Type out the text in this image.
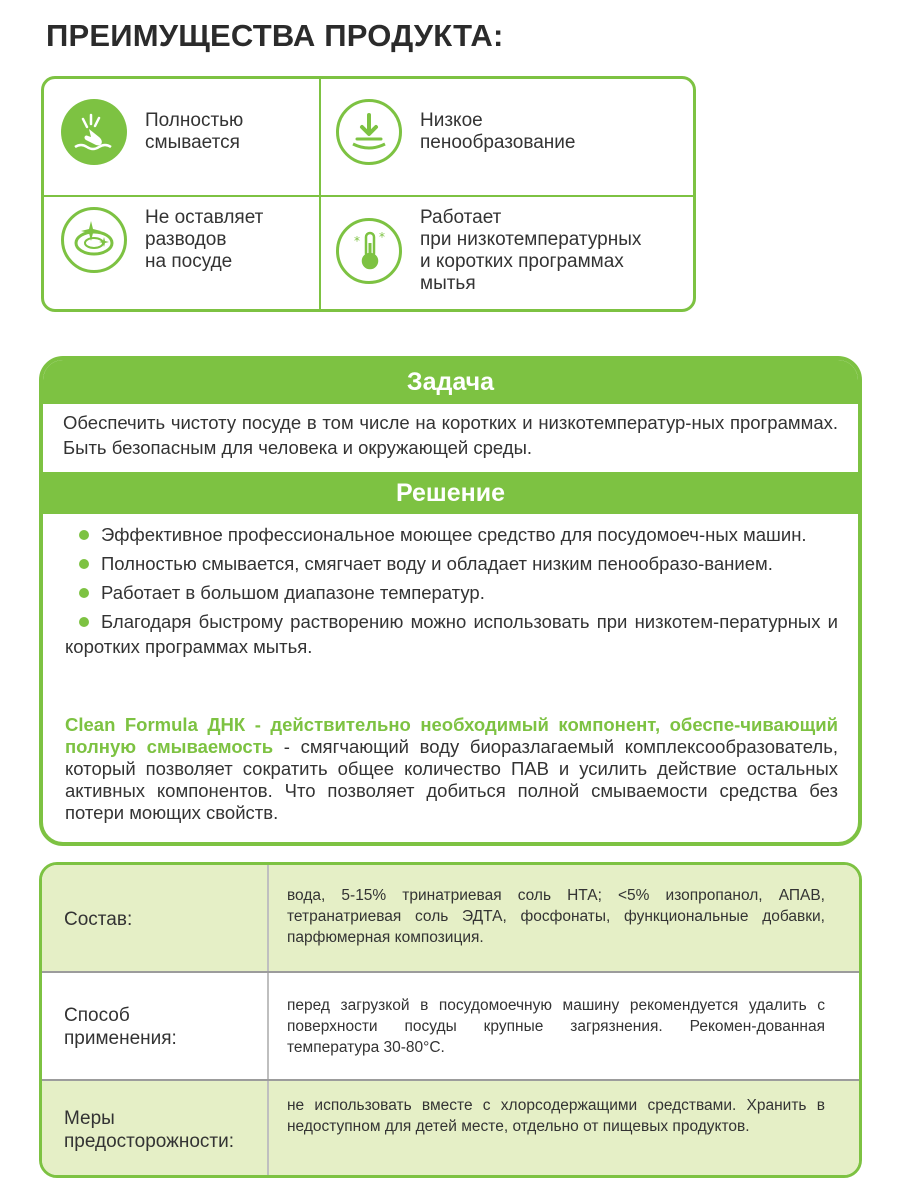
ПРЕИМУЩЕСТВА ПРОДУКТА:
Полностью
смывается
Низкое
пенообразование
Не оставляет
разводов
на посуде
* *
Работает
при низкотемпературных
и коротких программах
мытья
Задача
Обеспечить чистоту посуде в том числе на коротких и низкотемператур-ных программах. Быть безопасным для человека и окружающей среды.
Решение
Эффективное профессиональное моющее средство для посудомоеч-ных машин.
Полностью смывается, смягчает воду и обладает низким пенообразо-ванием.
Работает в большом диапазоне температур.
Благодаря быстрому растворению можно использовать при низкотем-пературных и коротких программах мытья.
Clean Formula ДНК - действительно необходимый компонент, обеспе-чивающий полную смываемость - смягчающий воду биоразлагаемый комплексообразователь, который позволяет сократить общее количество ПАВ и усилить действие остальных активных компонентов. Что позволяет добиться полной смываемости средства без потери моющих свойств.
Состав:
вода, 5-15% тринатриевая соль НТА; <5% изопропанол, АПАВ, тетранатриевая соль ЭДТА, фосфонаты, функциональные добавки, парфюмерная композиция.
Способ
применения:
перед загрузкой в посудомоечную машину рекомендуется удалить с поверхности посуды крупные загрязнения. Рекомен-дованная температура 30-80°С.
Меры
предосторожности:
не использовать вместе с хлорсодержащими средствами. Хранить в недоступном для детей месте, отдельно от пищевых продуктов.
